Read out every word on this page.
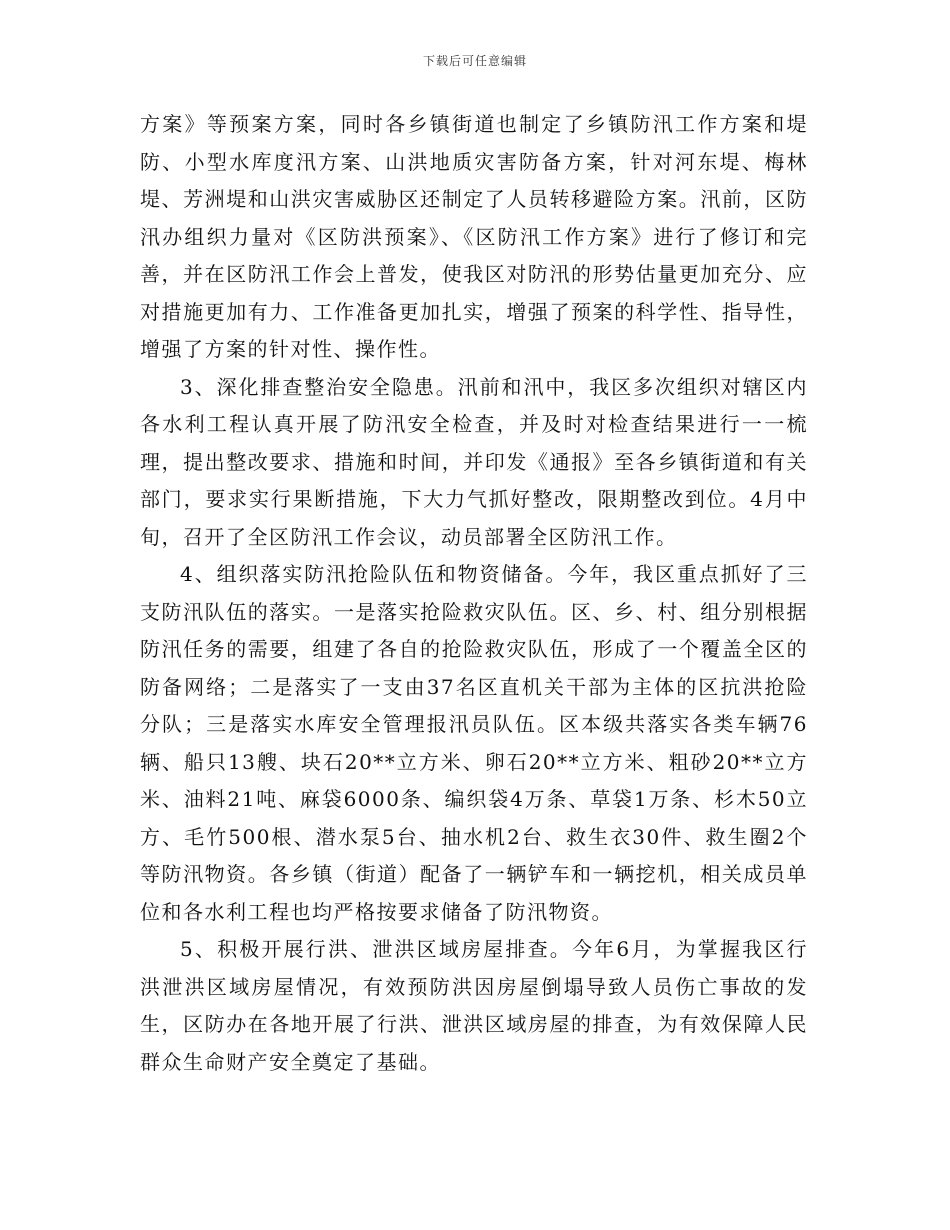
下载后可任意编辑

方案》等预案方案，同时各乡镇街道也制定了乡镇防汛工作方案和堤防、小型水库度汛方案、山洪地质灾害防备方案，针对河东堤、梅林堤、芳洲堤和山洪灾害威胁区还制定了人员转移避险方案。汛前，区防汛办组织力量对《区防洪预案》、《区防汛工作方案》进行了修订和完善，并在区防汛工作会上普发，使我区对防汛的形势估量更加充分、应对措施更加有力、工作准备更加扎实，增强了预案的科学性、指导性，增强了方案的针对性、操作性。

3、深化排查整治安全隐患。汛前和汛中，我区多次组织对辖区内各水利工程认真开展了防汛安全检查，并及时对检查结果进行一一梳理，提出整改要求、措施和时间，并印发《通报》至各乡镇街道和有关部门，要求实行果断措施，下大力气抓好整改，限期整改到位。4月中旬，召开了全区防汛工作会议，动员部署全区防汛工作。

4、组织落实防汛抢险队伍和物资储备。今年，我区重点抓好了三支防汛队伍的落实。一是落实抢险救灾队伍。区、乡、村、组分别根据防汛任务的需要，组建了各自的抢险救灾队伍，形成了一个覆盖全区的防备网络；二是落实了一支由37名区直机关干部为主体的区抗洪抢险分队；三是落实水库安全管理报汛员队伍。区本级共落实各类车辆76辆、船只13艘、块石20**立方米、卵石20**立方米、粗砂20**立方米、油料21吨、麻袋6000条、编织袋4万条、草袋1万条、杉木50立方、毛竹500根、潜水泵5台、抽水机2台、救生衣30件、救生圈2个等防汛物资。各乡镇（街道）配备了一辆铲车和一辆挖机，相关成员单位和各水利工程也均严格按要求储备了防汛物资。

5、积极开展行洪、泄洪区域房屋排查。今年6月，为掌握我区行洪泄洪区域房屋情况，有效预防洪因房屋倒塌导致人员伤亡事故的发生，区防办在各地开展了行洪、泄洪区域房屋的排查，为有效保障人民群众生命财产安全奠定了基础。
